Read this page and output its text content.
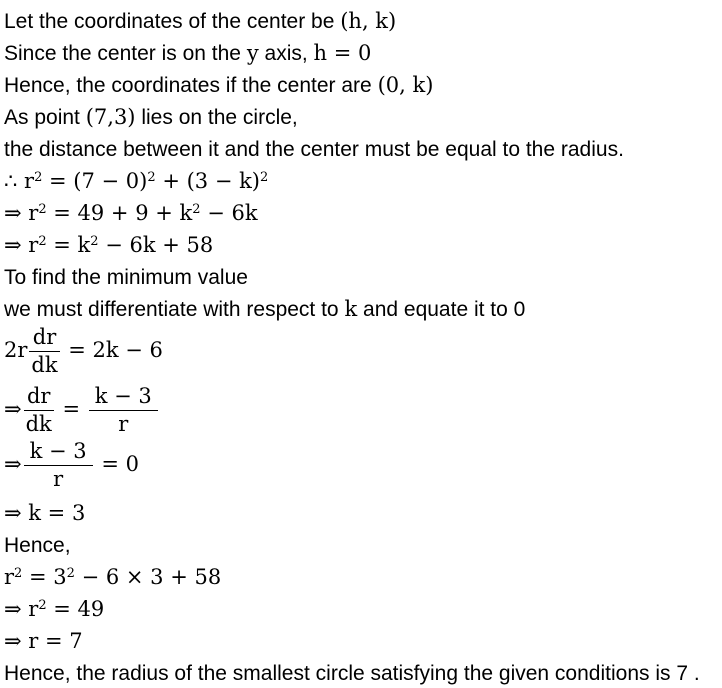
Let the coordinates of the center be (h, k)
Since the center is on the y axis, h = 0
Hence, the coordinates if the center are (0, k)
As point (7,3) lies on the circle,
the distance between it and the center must be equal to the radius.
∴ $r^2 = (7 - 0)^2 + (3 - k)^2$
⇒ $r^2 = 49 + 9 + k^2 - 6k$
⇒ $r^2 = k^2 - 6k + 58$
To find the minimum value
we must differentiate with respect to k and equate it to 0
$2r \frac{dr}{dk} = 2k - 6$
⇒ $\frac{dr}{dk} = \frac{k - 3}{r}$
⇒ $\frac{k - 3}{r} = 0$
⇒ k = 3
Hence,
$r^2 = 3^2 - 6 \times 3 + 58$
⇒ $r^2 = 49$
⇒ r = 7
Hence, the radius of the smallest circle satisfying the given conditions is 7 .
